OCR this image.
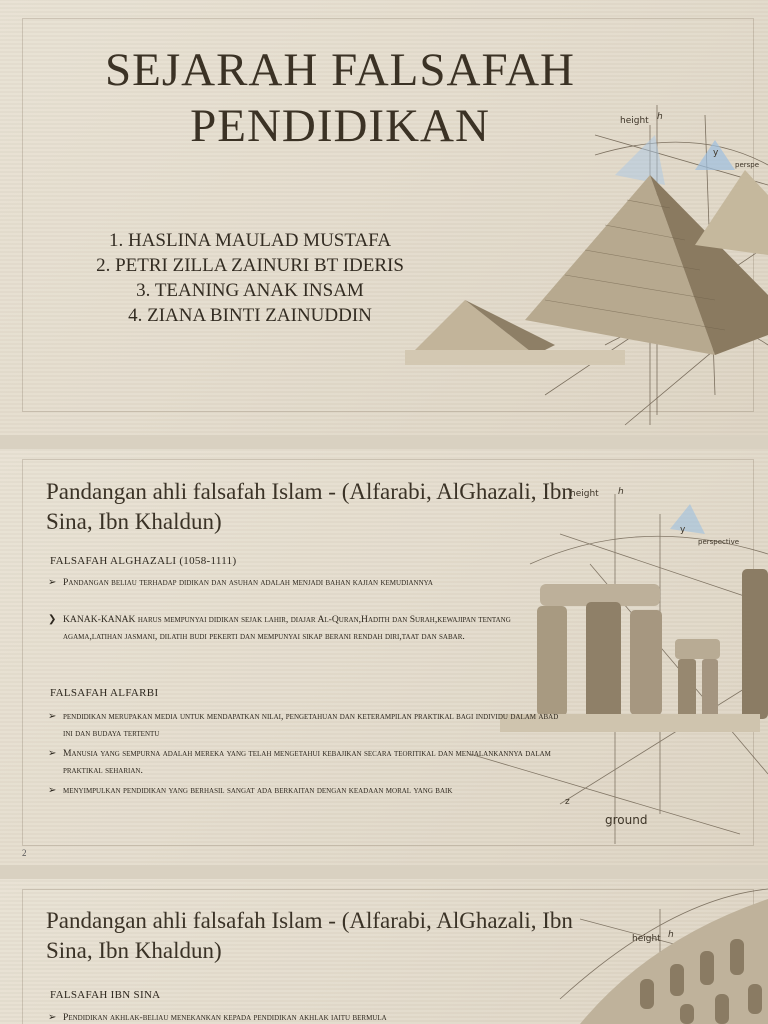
height h
y
perspe
SEJARAH FALSAFAH PENDIDIKAN
1. HASLINA MAULAD MUSTAFA
2. PETRI ZILLA ZAINURI BT IDERIS
3. TEANING ANAK INSAM
4. ZIANA BINTI ZAINUDDIN
height h
y
perspective
z
ground
Pandangan ahli falsafah Islam - (Alfarabi, AlGhazali, Ibn Sina, Ibn Khaldun)

FALSAFAH ALGHAZALI (1058-1111)

➢ Pandangan beliau terhadap didikan dan asuhan adalah menjadi bahan kajian kemudiannya

❯ KANAK-KANAK harus mempunyai didikan sejak lahir, diajar Al-Quran,Hadith dan Surah,kewajipan tentang agama,latihan jasmani, dilatih budi pekerti dan mempunyai sikap berani rendah diri,taat dan sabar.

FALSAFAH ALFARBI

➢ pendidikan merupakan media untuk mendapatkan nilai, pengetahuan dan keterampilan praktikal bagi individu dalam abad ini dan budaya tertentu

➢ Manusia yang sempurna adalah mereka yang telah mengetahui kebajikan secara teoritikal dan menjalankannya dalam praktikal seharian.

➢ menyimpulkan pendidikan yang berhasil sangat ada berkaitan dengan keadaan moral yang baik

2
height h
Pandangan ahli falsafah Islam - (Alfarabi, AlGhazali, Ibn Sina, Ibn Khaldun)

FALSAFAH IBN SINA

➢ Pendidikan akhlak-beliau menekankan kepada pendidikan akhlak iaitu bermula
